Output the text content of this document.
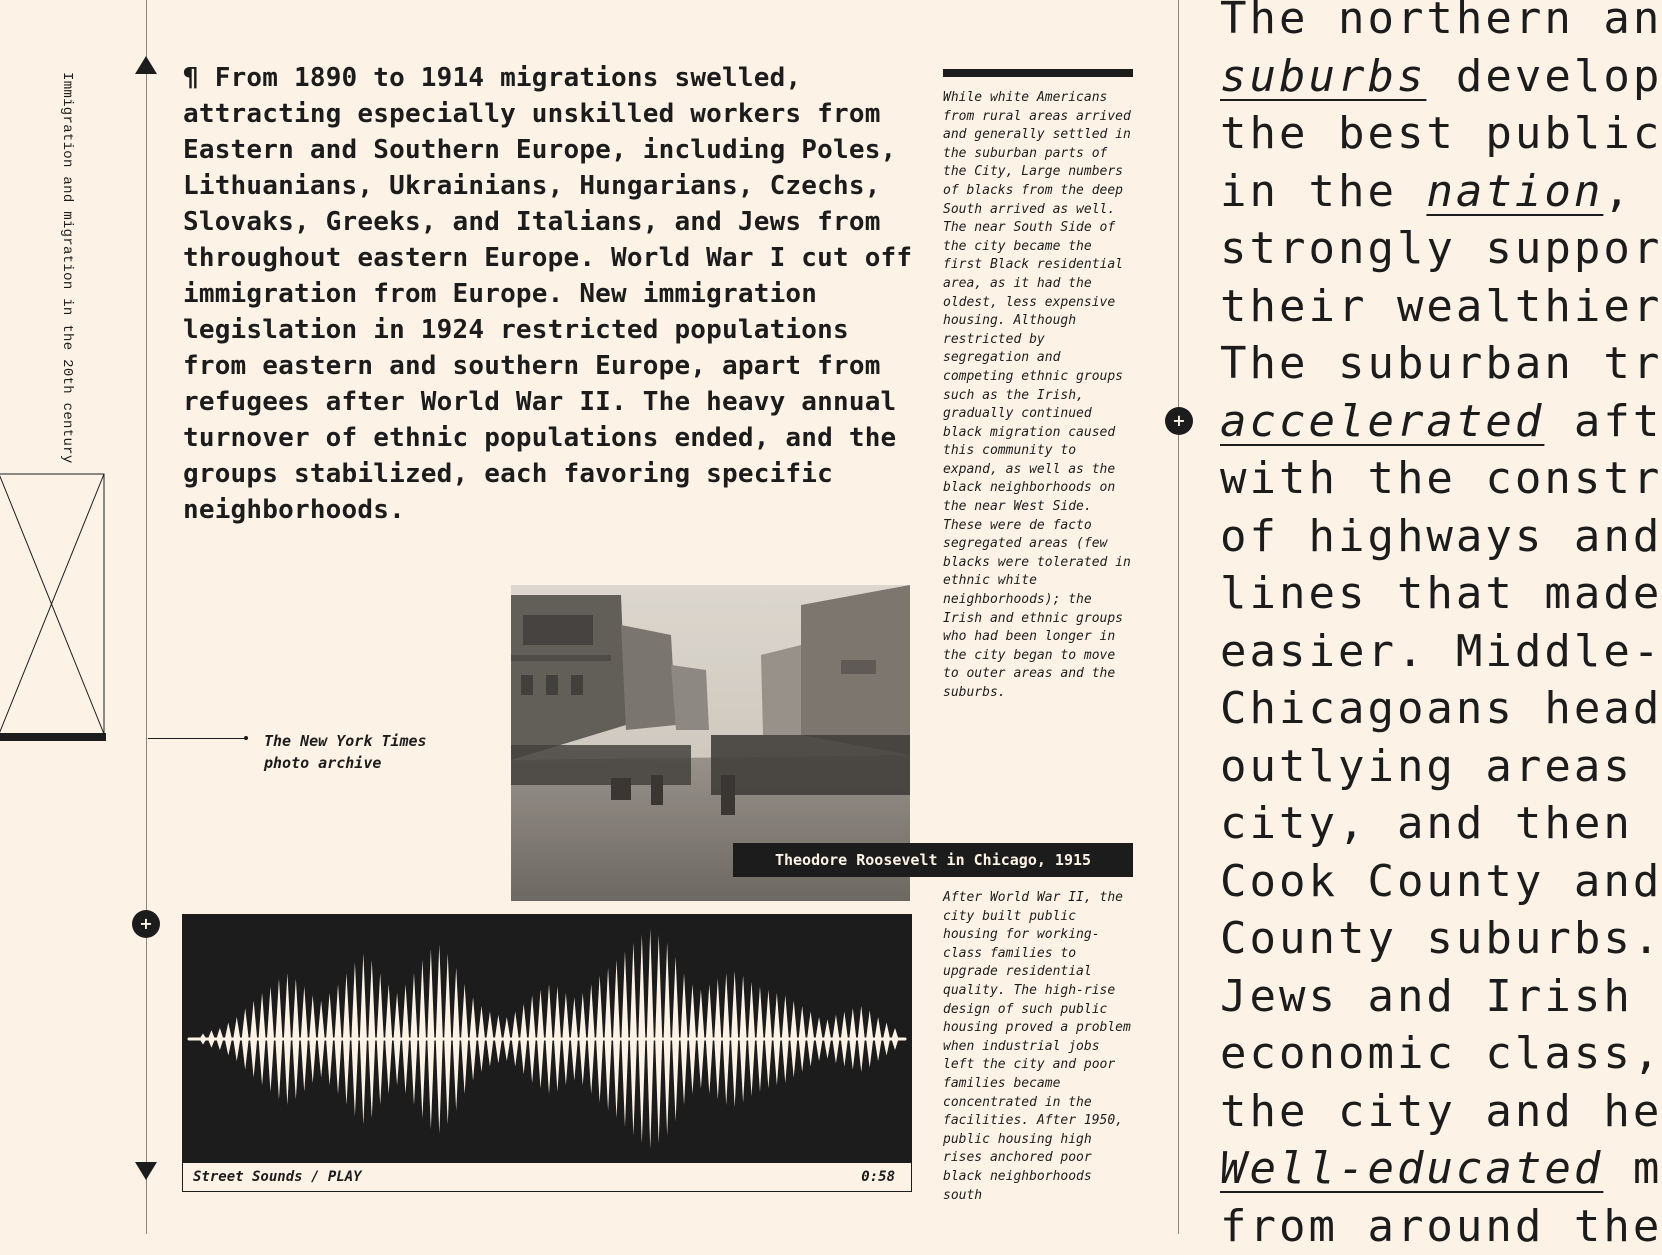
+
Immigration and migration in the 20th century	¶ From 1890 to 1914 migrations swelled, attracting especially unskilled workers from Eastern and Southern Europe, including Poles, Lithuanians, Ukrainians, Hungarians, Czechs, Slovaks, Greeks, and Italians, and Jews from throughout eastern Europe. World War I cut off immigration from Europe. New immigration legislation in 1924 restricted populations from eastern and southern Europe, apart from refugees after World War II. The heavy annual turnover of ethnic populations ended, and the groups stabilized, each favoring specific neighborhoods.

The New York Times photo archive
Theodore Roosevelt in Chicago, 1915

While white Americans from rural areas arrived and generally settled in the suburban parts of the City, Large numbers of blacks from the deep South arrived as well. The near South Side of the city became the first Black residential area, as it had the oldest, less expensive housing. Although restricted by segregation and competing ethnic groups such as the Irish, gradually continued black migration caused this community to expand, as well as the black neighborhoods on the near West Side. These were de facto segregated areas (few blacks were tolerated in ethnic white neighborhoods); the Irish and ethnic groups who had been longer in the city began to move to outer areas and the suburbs.

After World War II, the city built public housing for working-class families to upgrade residential quality. The high-rise design of such public housing proved a problem when industrial jobs left the city and poor families became concentrated in the facilities. After 1950, public housing high rises anchored poor black neighborhoods south

Street Sounds / PLAY	0:58
+
The northern an
suburbs develop
the best public
in the nation,
strongly suppor
their wealthier
The suburban tr
accelerated aft
with the constr
of highways and
lines that made
easier. Middle-
Chicagoans head
outlying areas
city, and then
Cook County and
County suburbs.
Jews and Irish
economic class,
the city and he
Well-educated m
from around the
